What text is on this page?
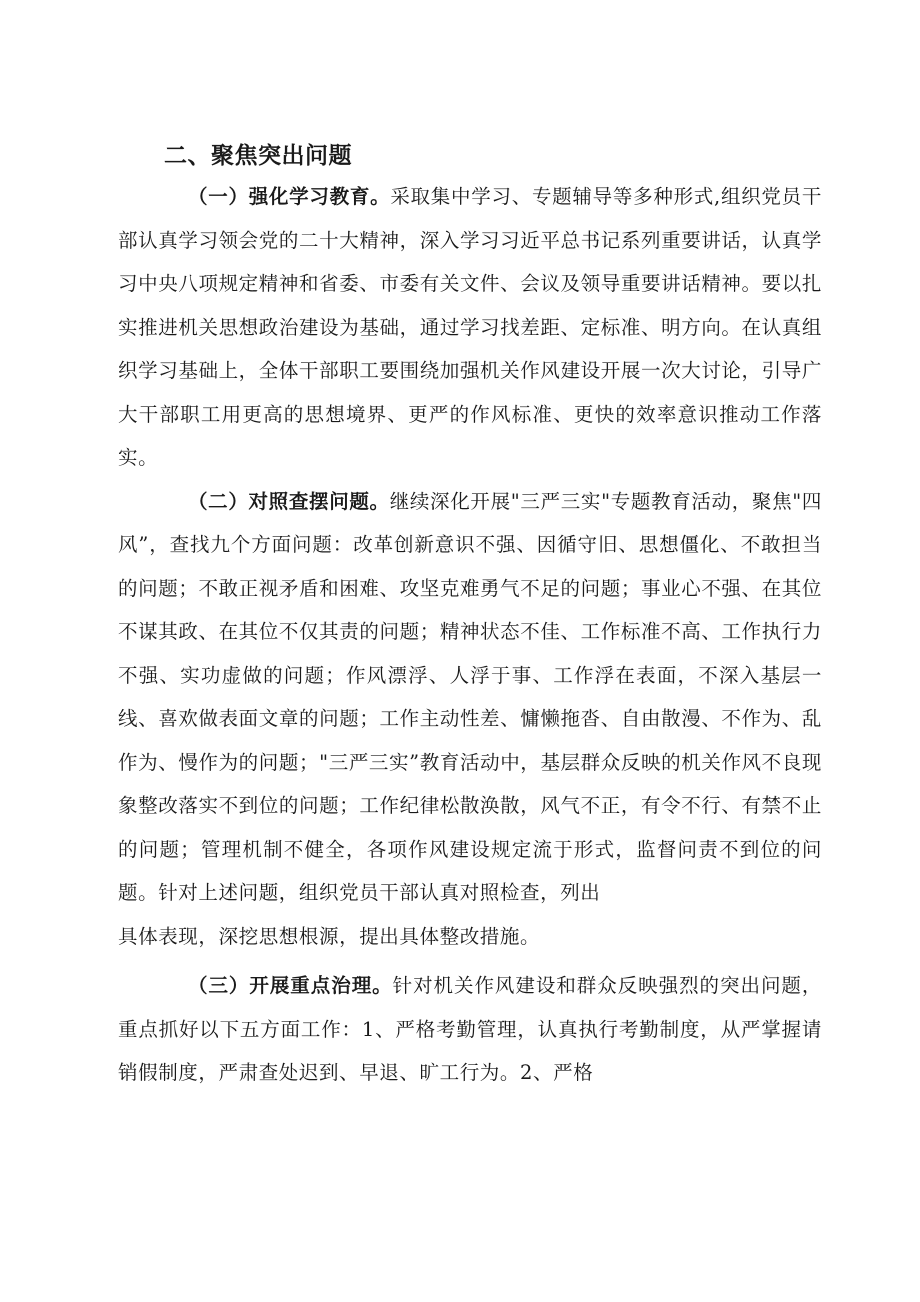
二、聚焦突出问题

（一）强化学习教育。采取集中学习、专题辅导等多种形式,组织党员干部认真学习领会党的二十大精神，深入学习习近平总书记系列重要讲话，认真学习中央八项规定精神和省委、市委有关文件、会议及领导重要讲话精神。要以扎实推进机关思想政治建设为基础，通过学习找差距、定标准、明方向。在认真组织学习基础上，全体干部职工要围绕加强机关作风建设开展一次大讨论，引导广大干部职工用更高的思想境界、更严的作风标准、更快的效率意识推动工作落实。

（二）对照查摆问题。继续深化开展"三严三实"专题教育活动，聚焦"四风”，查找九个方面问题：改革创新意识不强、因循守旧、思想僵化、不敢担当的问题；不敢正视矛盾和困难、攻坚克难勇气不足的问题；事业心不强、在其位不谋其政、在其位不仅其责的问题；精神状态不佳、工作标准不高、工作执行力不强、实功虚做的问题；作风漂浮、人浮于事、工作浮在表面，不深入基层一线、喜欢做表面文章的问题；工作主动性差、慵懒拖沓、自由散漫、不作为、乱作为、慢作为的问题；"三严三实”教育活动中，基层群众反映的机关作风不良现象整改落实不到位的问题；工作纪律松散涣散，风气不正，有令不行、有禁不止的问题；管理机制不健全，各项作风建设规定流于形式，监督问责不到位的问题。针对上述问题，组织党员干部认真对照检查，列出

具体表现，深挖思想根源，提出具体整改措施。

（三）开展重点治理。针对机关作风建设和群众反映强烈的突出问题，重点抓好以下五方面工作：1、严格考勤管理，认真执行考勤制度，从严掌握请销假制度，严肃查处迟到、早退、旷工行为。2、严格
